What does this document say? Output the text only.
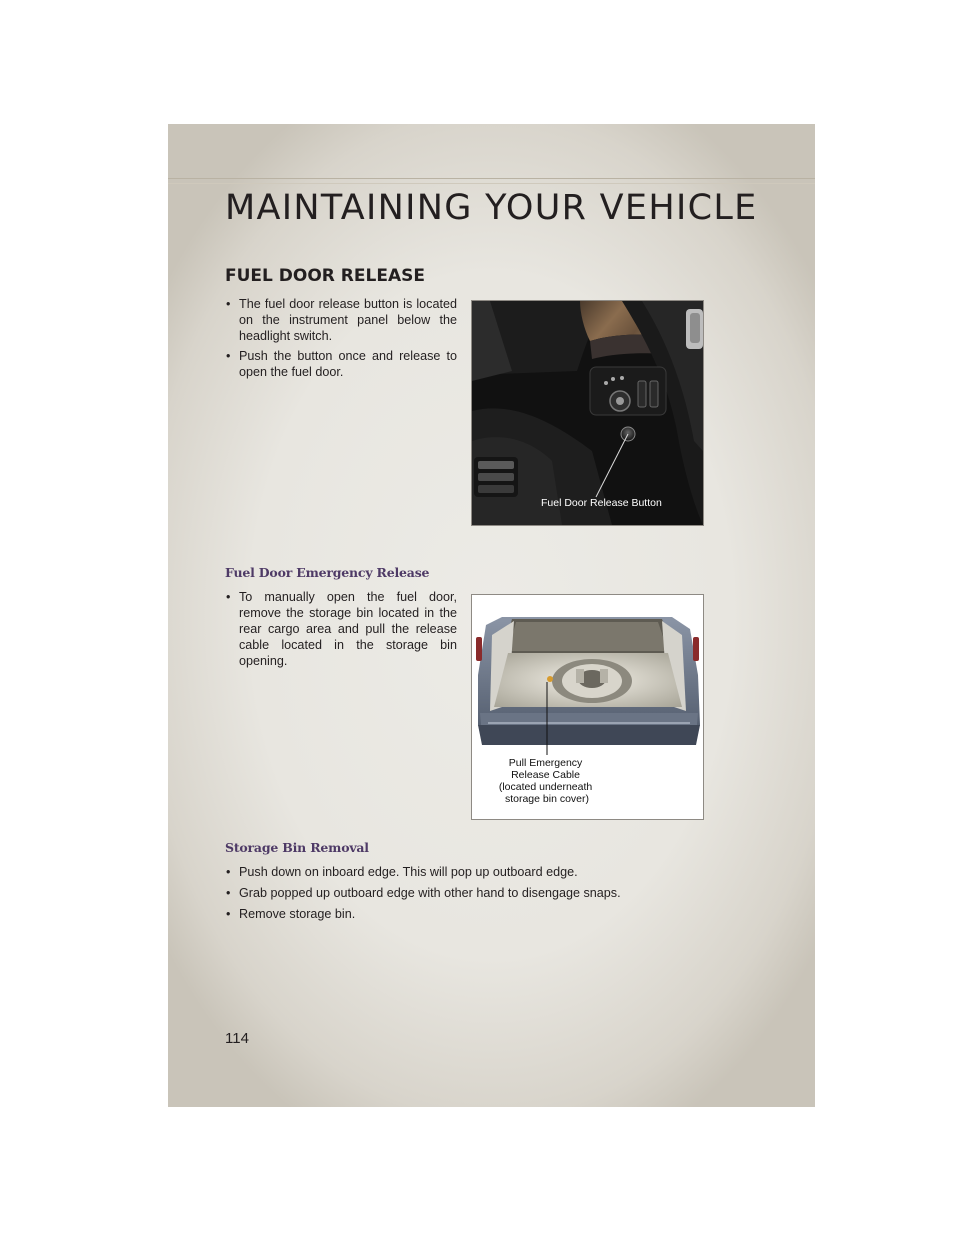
MAINTAINING YOUR VEHICLE
FUEL DOOR RELEASE
• The fuel door release button is located on the instrument panel below the headlight switch.
• Push the button once and release to open the fuel door.
Fuel Door Release Button
Fuel Door Emergency Release
• To manually open the fuel door, remove the storage bin located in the rear cargo area and pull the release cable located in the storage bin opening.
Pull Emergency Release Cable (located underneath storage bin cover)
Storage Bin Removal
• Push down on inboard edge. This will pop up outboard edge.
• Grab popped up outboard edge with other hand to disengage snaps.
• Remove storage bin.
114
